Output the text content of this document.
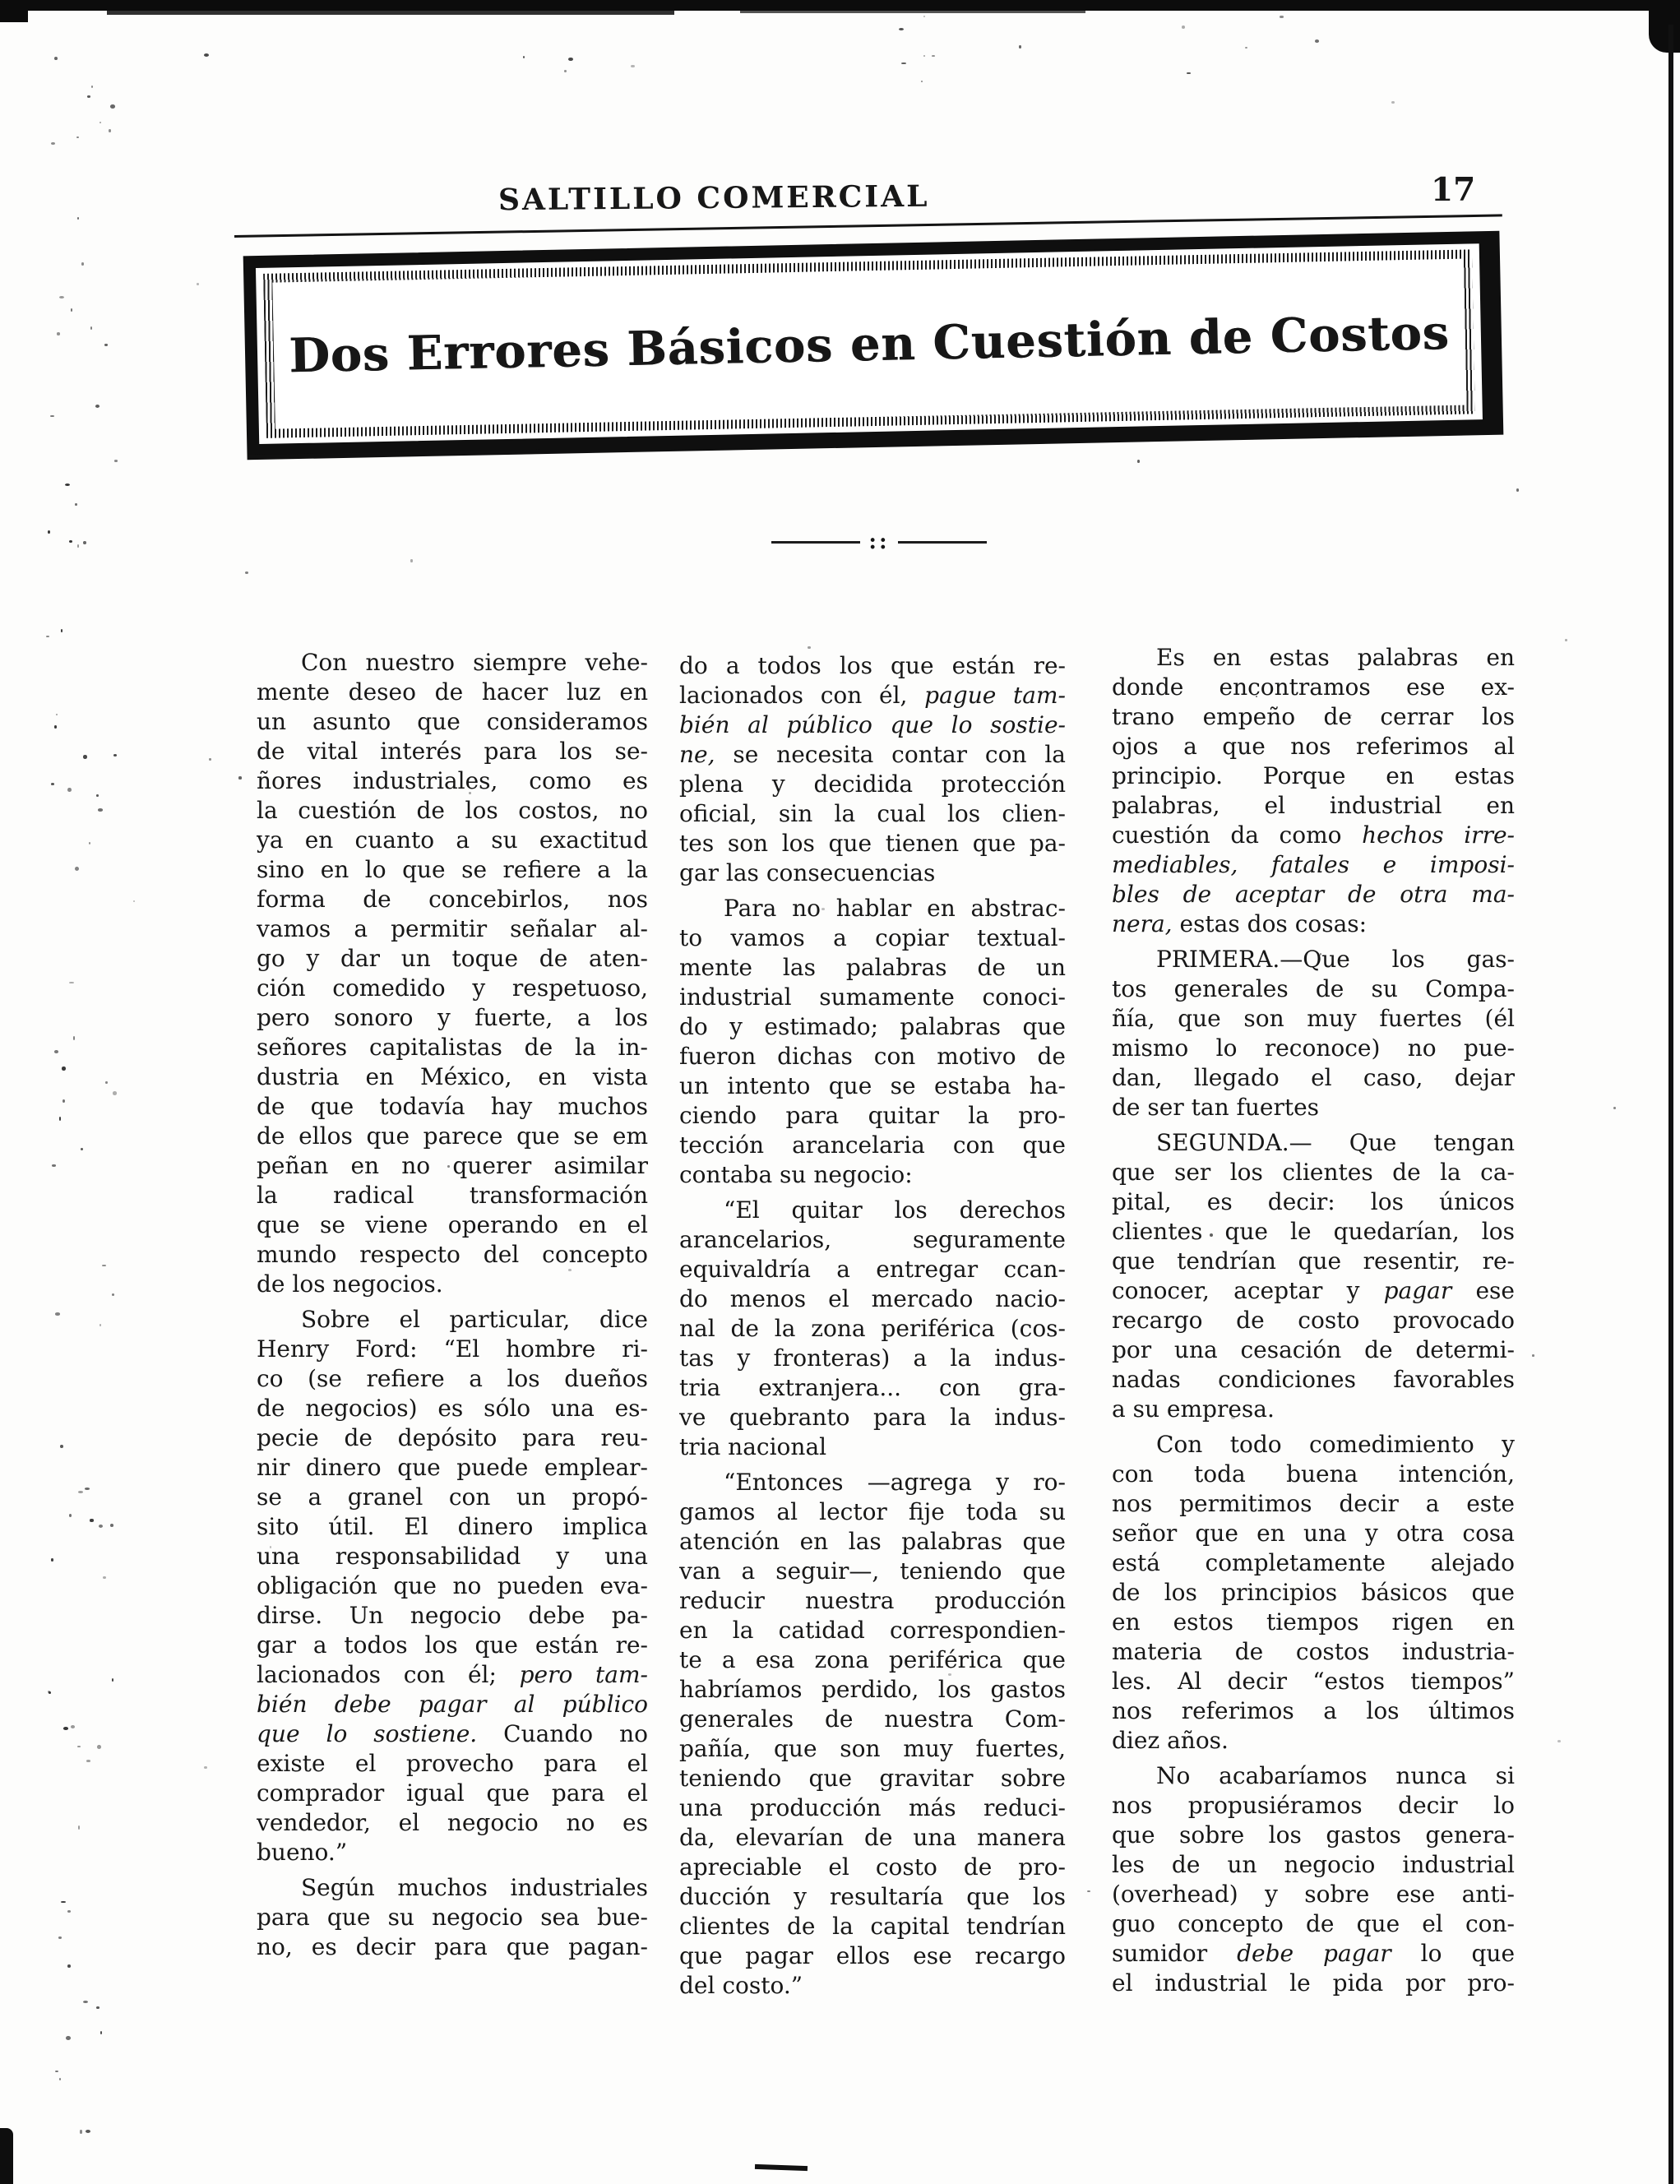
SALTILLO COMERCIAL	17
Dos Errores Básicos en Cuestión de Costos
::
Con nuestro siempre vehe-
mente deseo de hacer luz en
un asunto que consideramos
de vital interés para los se-
ñores industriales, como es
la cuestión de los costos, no
ya en cuanto a su exactitud
sino en lo que se refiere a la
forma de concebirlos, nos
vamos a permitir señalar al-
go y dar un toque de aten-
ción comedido y respetuoso,
pero sonoro y fuerte, a los
señores capitalistas de la in-
dustria en México, en vista
de que todavía hay muchos
de ellos que parece que se em
peñan en no querer asimilar
la radical transformación
que se viene operando en el
mundo respecto del concepto
de los negocios.
Sobre el particular, dice
Henry Ford: “El hombre ri-
co (se refiere a los dueños
de negocios) es sólo una es-
pecie de depósito para reu-
nir dinero que puede emplear-
se a granel con un propó-
sito útil. El dinero implica
una responsabilidad y una
obligación que no pueden eva-
dirse. Un negocio debe pa-
gar a todos los que están re-
lacionados con él; pero tam-
bién debe pagar al público
que lo sostiene. Cuando no
existe el provecho para el
comprador igual que para el
vendedor, el negocio no es
bueno.”
Según muchos industriales
para que su negocio sea bue-
no, es decir para que pagan-
do a todos los que están re-
lacionados con él, pague tam-
bién al público que lo sostie-
ne, se necesita contar con la
plena y decidida protección
oficial, sin la cual los clien-
tes son los que tienen que pa-
gar las consecuencias
Para no hablar en abstrac-
to vamos a copiar textual-
mente las palabras de un
industrial sumamente conoci-
do y estimado; palabras que
fueron dichas con motivo de
un intento que se estaba ha-
ciendo para quitar la pro-
tección arancelaria con que
contaba su negocio:
“El quitar los derechos
arancelarios, seguramente
equivaldría a entregar ccan-
do menos el mercado nacio-
nal de la zona periférica (cos-
tas y fronteras) a la indus-
tria extranjera... con gra-
ve quebranto para la indus-
tria nacional
“Entonces —agrega y ro-
gamos al lector fije toda su
atención en las palabras que
van a seguir—, teniendo que
reducir nuestra producción
en la catidad correspondien-
te a esa zona periférica que
habríamos perdido, los gastos
generales de nuestra Com-
pañía, que son muy fuertes,
teniendo que gravitar sobre
una producción más reduci-
da, elevarían de una manera
apreciable el costo de pro-
ducción y resultaría que los
clientes de la capital tendrían
que pagar ellos ese recargo
del costo.”
Es en estas palabras en
donde encontramos ese ex-
trano empeño de cerrar los
ojos a que nos referimos al
principio. Porque en estas
palabras, el industrial en
cuestión da como hechos irre-
mediables, fatales e imposi-
bles de aceptar de otra ma-
nera, estas dos cosas:
PRIMERA.—Que los gas-
tos generales de su Compa-
ñía, que son muy fuertes (él
mismo lo reconoce) no pue-
dan, llegado el caso, dejar
de ser tan fuertes
SEGUNDA.— Que tengan
que ser los clientes de la ca-
pital, es decir: los únicos
clientes que le quedarían, los
que tendrían que resentir, re-
conocer, aceptar y pagar ese
recargo de costo provocado
por una cesación de determi-
nadas condiciones favorables
a su empresa.
Con todo comedimiento y
con toda buena intención,
nos permitimos decir a este
señor que en una y otra cosa
está completamente alejado
de los principios básicos que
en estos tiempos rigen en
materia de costos industria-
les. Al decir “estos tiempos”
nos referimos a los últimos
diez años.
No acabaríamos nunca si
nos propusiéramos decir lo
que sobre los gastos genera-
les de un negocio industrial
(overhead) y sobre ese anti-
guo concepto de que el con-
sumidor debe pagar lo que
el industrial le pida por pro-
